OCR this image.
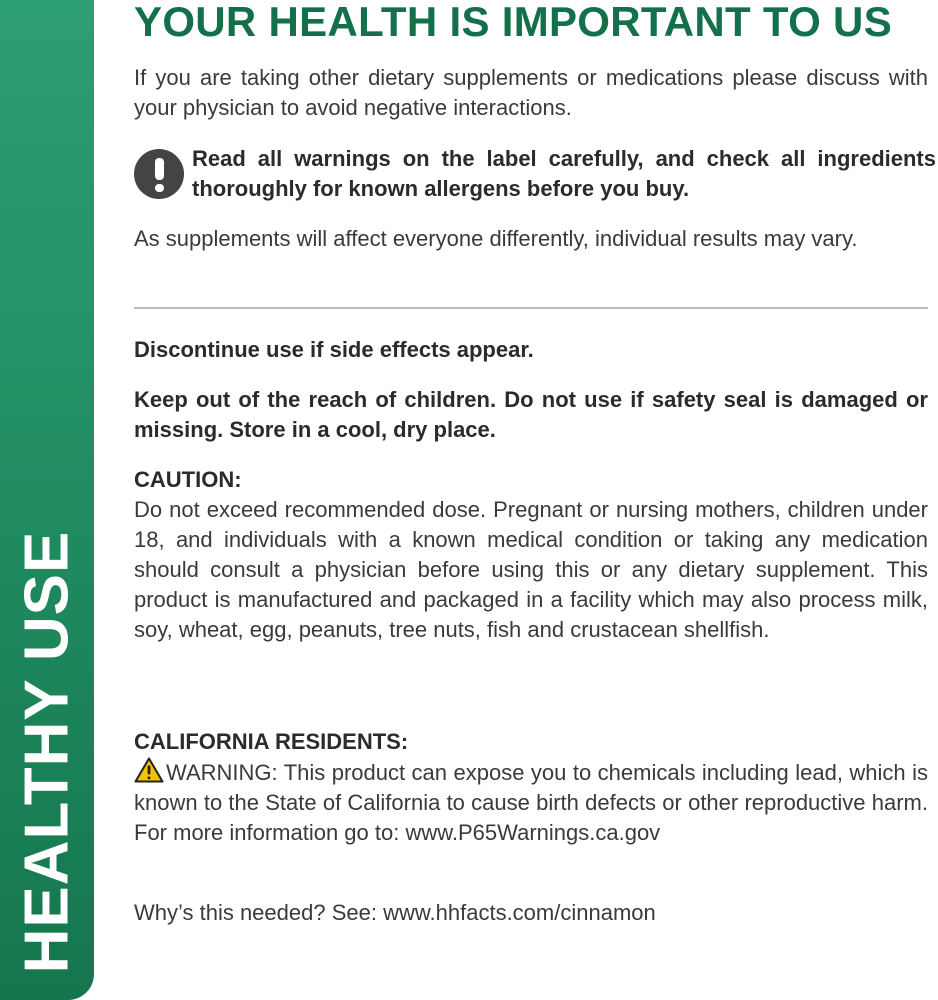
HEALTHY USE
YOUR HEALTH IS IMPORTANT TO US

If you are taking other dietary supplements or medications please discuss with your physician to avoid negative interactions.

Read all warnings on the label carefully, and check all ingredients thoroughly for known allergens before you buy.

As supplements will affect everyone differently, individual results may vary.

Discontinue use if side effects appear.

Keep out of the reach of children. Do not use if safety seal is damaged or missing. Store in a cool, dry place.

CAUTION:
Do not exceed recommended dose. Pregnant or nursing mothers, children under 18, and individuals with a known medical condition or taking any medication should consult a physician before using this or any dietary supplement. This product is manufactured and packaged in a facility which may also process milk, soy, wheat, egg, peanuts, tree nuts, fish and crustacean shellfish.
CALIFORNIA RESIDENTS:
WARNING: This product can expose you to chemicals including lead, which is known to the State of California to cause birth defects or other reproductive harm. For more information go to: www.P65Warnings.ca.gov

Why’s this needed? See: www.hhfacts.com/cinnamon
